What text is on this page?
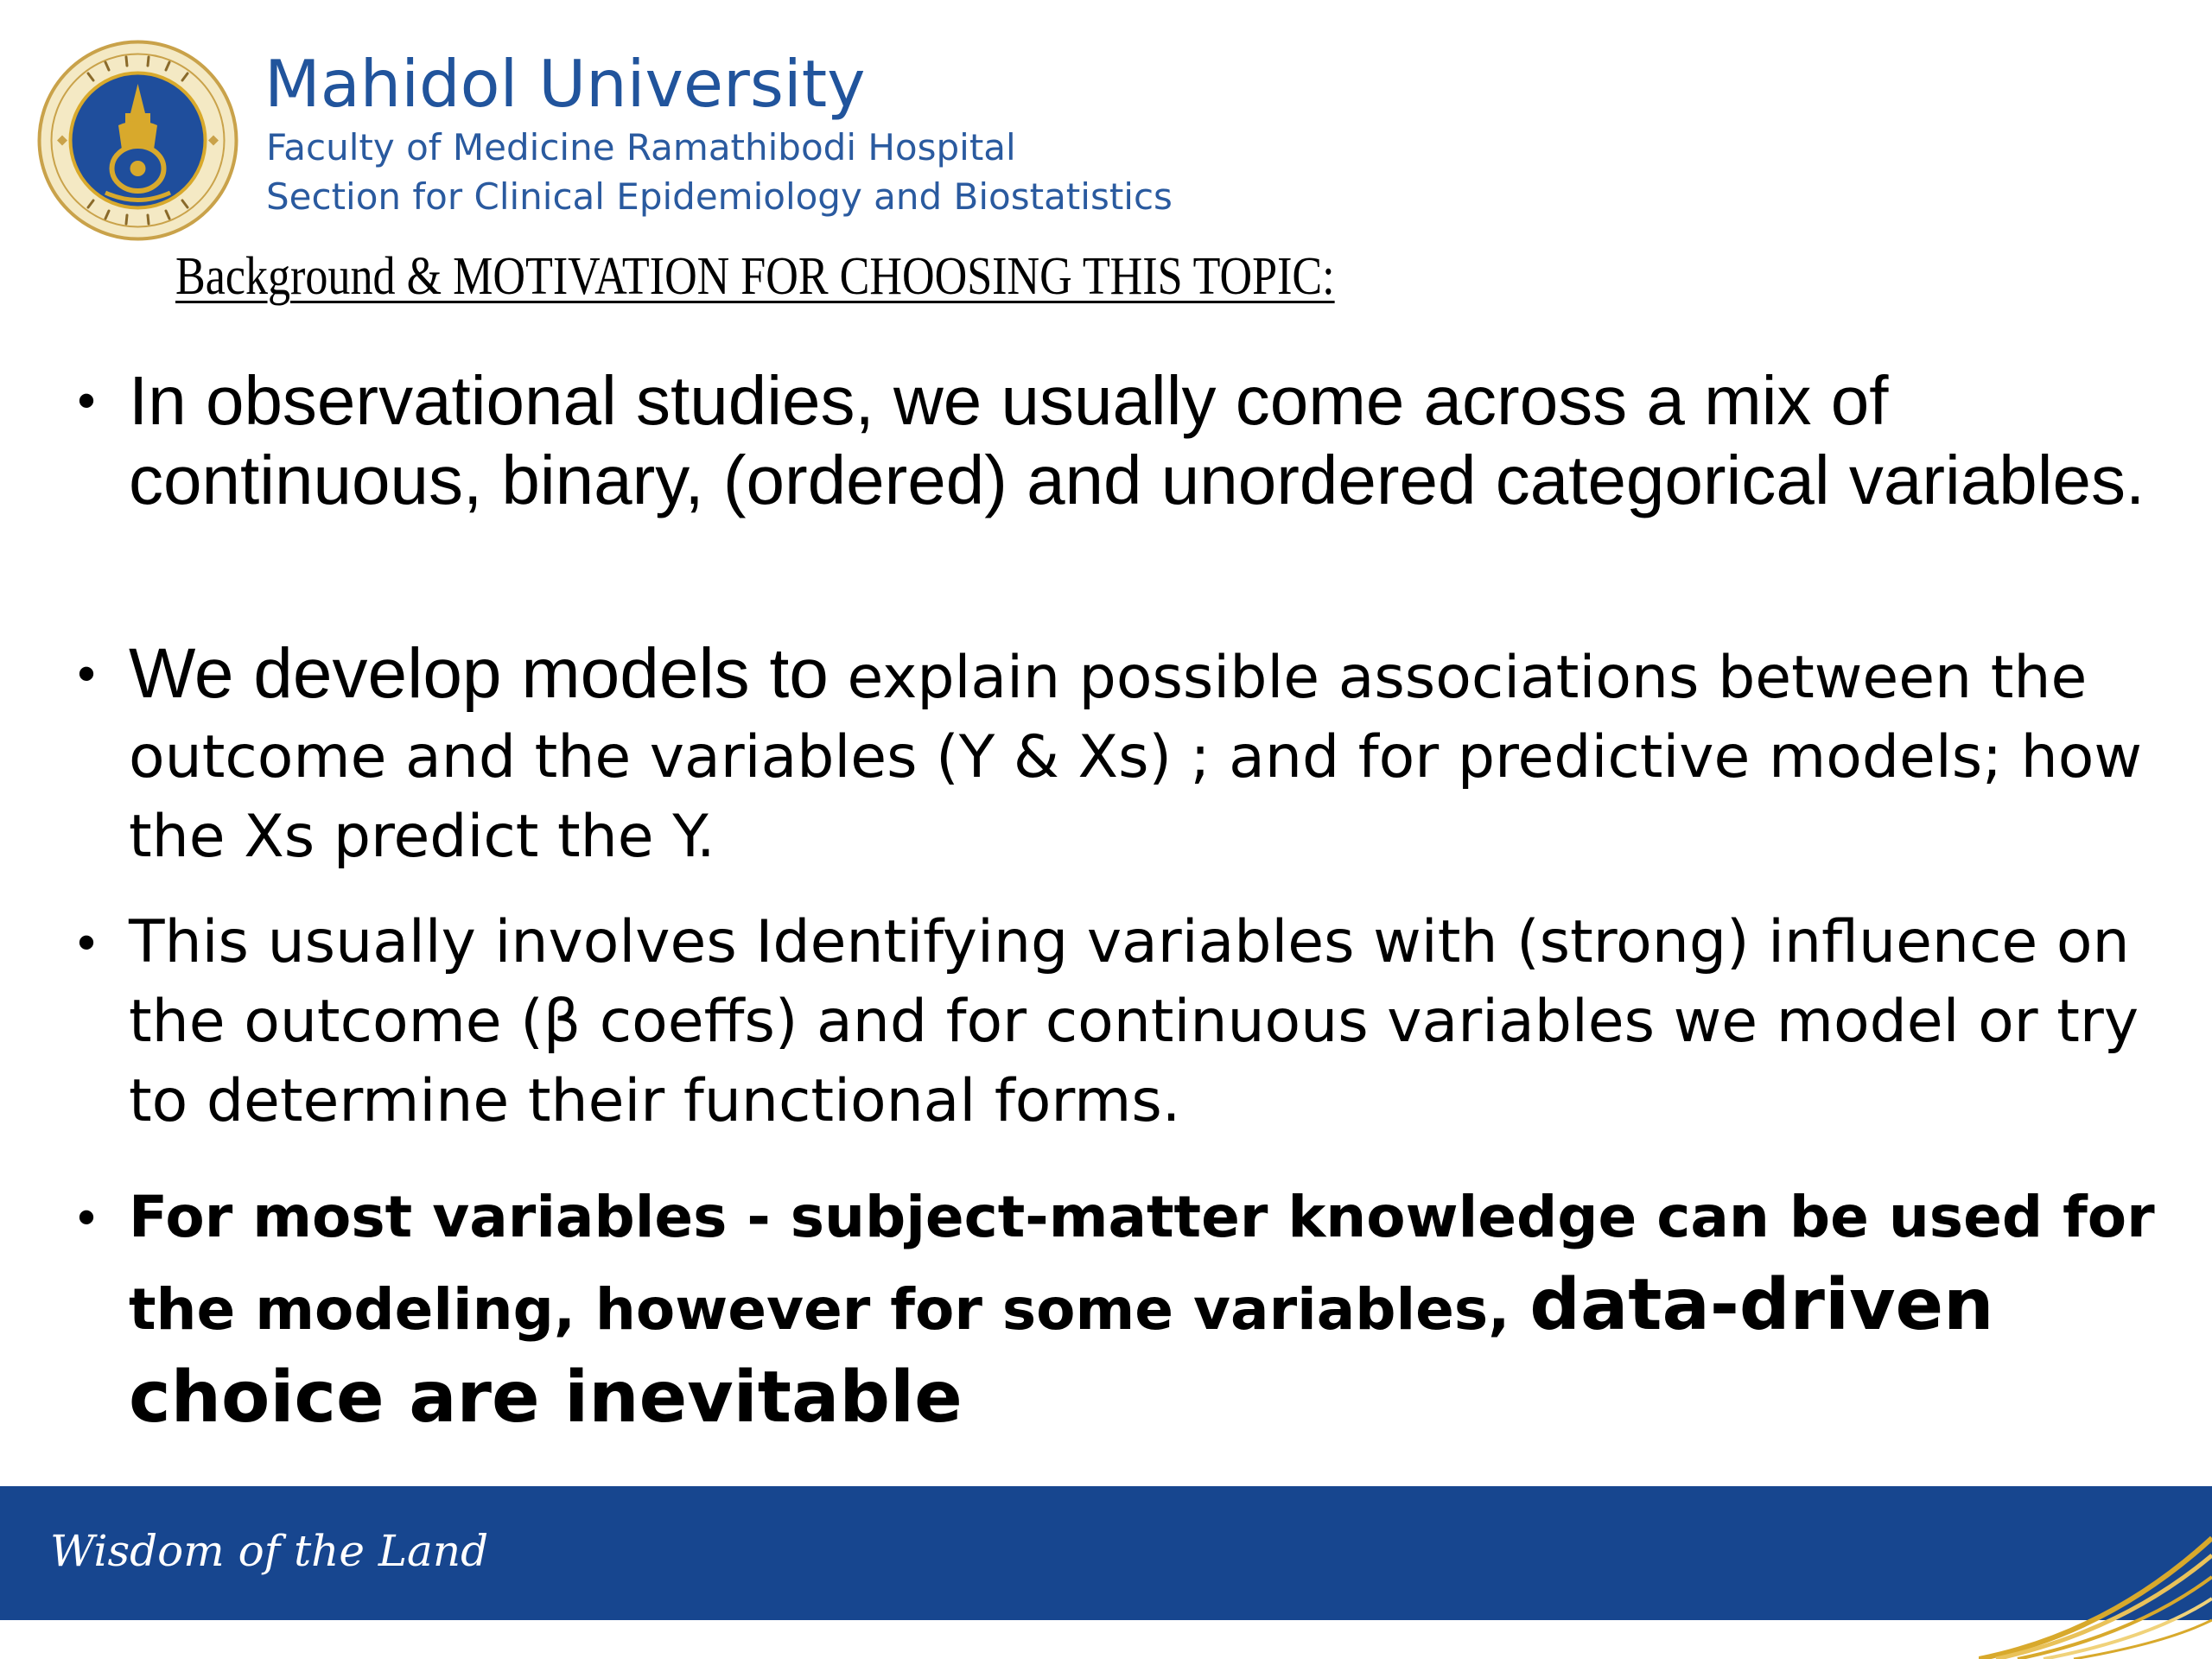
Mahidol University
Faculty of Medicine Ramathibodi Hospital
Section for Clinical Epidemiology and Biostatistics
Background & MOTIVATION FOR CHOOSING THIS TOPIC:
• In observational studies, we usually come across a mix of continuous, binary, (ordered) and unordered categorical variables.
• We develop models to explain possible associations between the outcome and the variables (Y & Xs) ; and for predictive models; how the Xs predict the Y.
• This usually involves Identifying variables with (strong) influence on the outcome (β coeffs) and for continuous variables we model or try to determine their functional forms.
• For most variables - subject-matter knowledge can be used for the modeling, however for some variables, data-driven choice are inevitable
Wisdom of the Land
